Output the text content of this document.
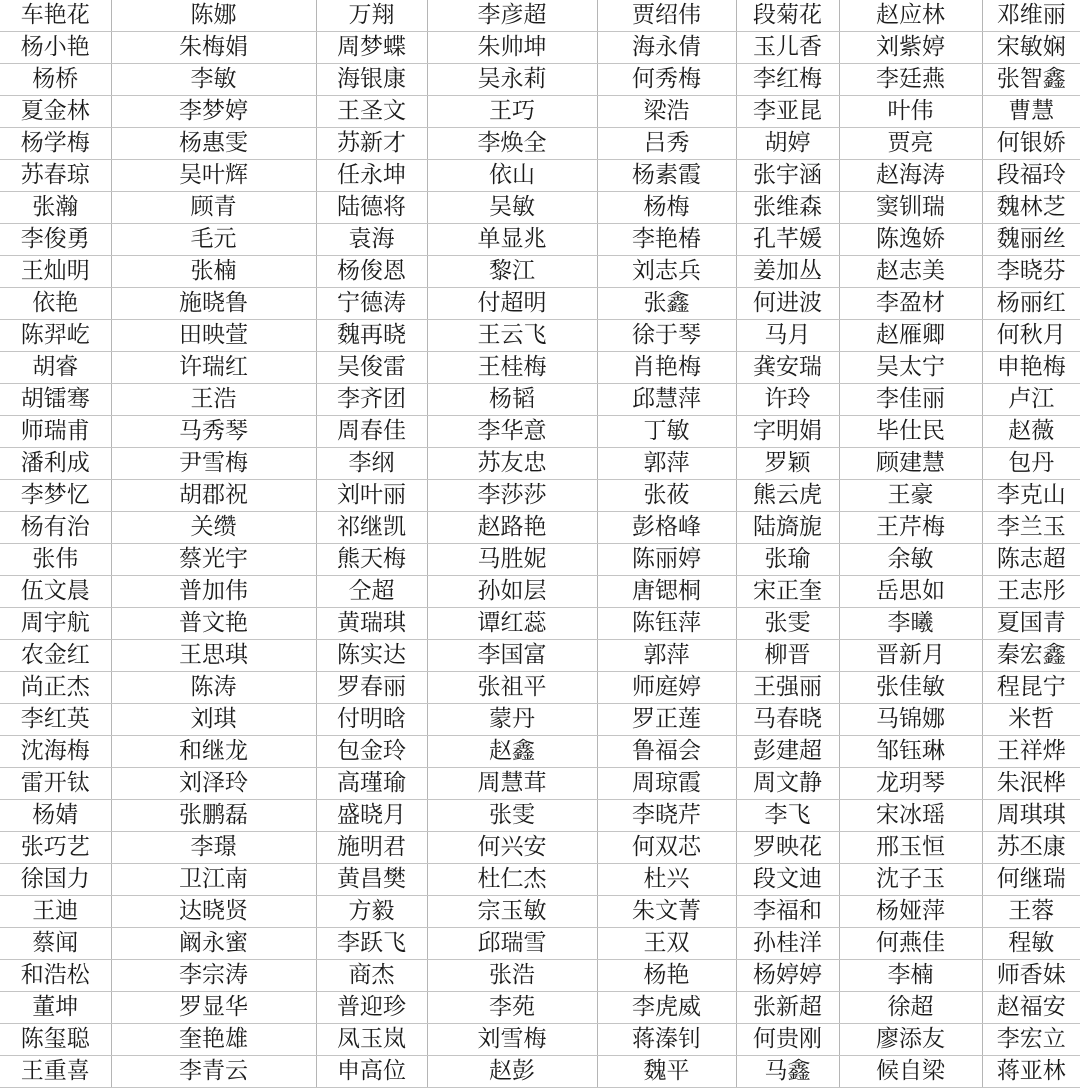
车艳花	陈娜	万翔	李彦超	贾绍伟	段菊花	赵应林	邓维丽
杨小艳	朱梅娟	周梦蝶	朱帅坤	海永倩	玉儿香	刘紫婷	宋敏娴
杨桥	李敏	海银康	吴永莉	何秀梅	李红梅	李廷燕	张智鑫
夏金林	李梦婷	王圣文	王巧	梁浩	李亚昆	叶伟	曹慧
杨学梅	杨惠雯	苏新才	李焕全	吕秀	胡婷	贾亮	何银娇
苏春琼	吴叶辉	任永坤	依山	杨素霞	张宇涵	赵海涛	段福玲
张瀚	顾青	陆德将	吴敏	杨梅	张维森	窦钏瑞	魏林芝
李俊勇	毛元	袁海	单显兆	李艳椿	孔芊媛	陈逸娇	魏丽丝
王灿明	张楠	杨俊恩	黎江	刘志兵	姜加丛	赵志美	李晓芬
依艳	施晓鲁	宁德涛	付超明	张鑫	何进波	李盈材	杨丽红
陈羿屹	田映萱	魏再晓	王云飞	徐于琴	马月	赵雁卿	何秋月
胡睿	许瑞红	吴俊雷	王桂梅	肖艳梅	龚安瑞	吴太宁	申艳梅
胡镭骞	王浩	李齐团	杨韬	邱慧萍	许玲	李佳丽	卢江
师瑞甫	马秀琴	周春佳	李华意	丁敏	字明娟	毕仕民	赵薇
潘利成	尹雪梅	李纲	苏友忠	郭萍	罗颖	顾建慧	包丹
李梦忆	胡郡祝	刘叶丽	李莎莎	张莜	熊云虎	王豪	李克山
杨有治	关缵	祁继凯	赵路艳	彭格峰	陆旖旎	王芹梅	李兰玉
张伟	蔡光宇	熊天梅	马胜妮	陈丽婷	张瑜	余敏	陈志超
伍文晨	普加伟	仝超	孙如层	唐锶桐	宋正奎	岳思如	王志彤
周宇航	普文艳	黄瑞琪	谭红蕊	陈钰萍	张雯	李曦	夏国青
农金红	王思琪	陈实达	李国富	郭萍	柳晋	晋新月	秦宏鑫
尚正杰	陈涛	罗春丽	张祖平	师庭婷	王强丽	张佳敏	程昆宁
李红英	刘琪	付明晗	蒙丹	罗正莲	马春晓	马锦娜	米哲
沈海梅	和继龙	包金玲	赵鑫	鲁福会	彭建超	邹钰琳	王祥烨
雷开钛	刘泽玲	高瑾瑜	周慧茸	周琼霞	周文静	龙玥琴	朱泯桦
杨婧	张鹏磊	盛晓月	张雯	李晓芹	李飞	宋冰瑶	周琪琪
张巧艺	李璟	施明君	何兴安	何双芯	罗映花	邢玉恒	苏丕康
徐国力	卫江南	黄昌樊	杜仁杰	杜兴	段文迪	沈子玉	何继瑞
王迪	达晓贤	方毅	宗玉敏	朱文菁	李福和	杨娅萍	王蓉
蔡闻	阚永蜜	李跃飞	邱瑞雪	王双	孙桂洋	何燕佳	程敏
和浩松	李宗涛	商杰	张浩	杨艳	杨婷婷	李楠	师香妹
董坤	罗显华	普迎珍	李苑	李虎威	张新超	徐超	赵福安
陈玺聪	奎艳雄	凤玉岚	刘雪梅	蒋溱钊	何贵刚	廖添友	李宏立
王重喜	李青云	申高位	赵彭	魏平	马鑫	候自梁	蒋亚林
